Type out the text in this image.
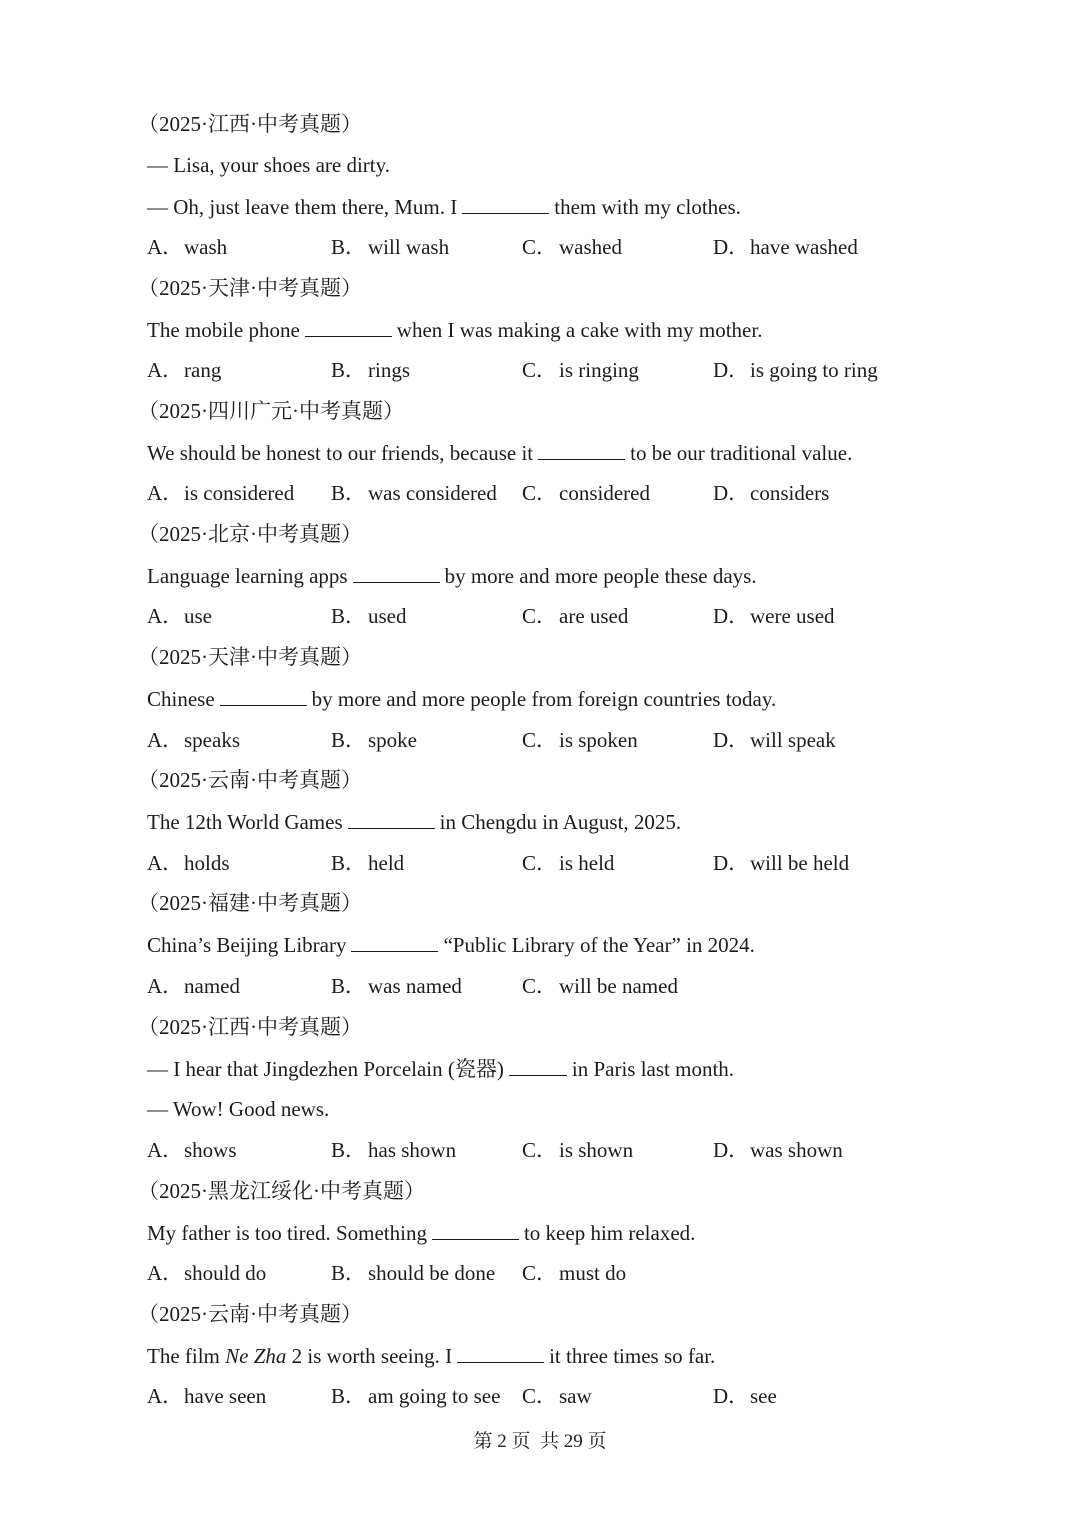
（2025·江西·中考真题）
— Lisa, your shoes are dirty.
— Oh, just leave them there, Mum. I	them with my clothes.
A．wash	B．will wash	C．washed	D．have washed
（2025·天津·中考真题）
The mobile phone	when I was making a cake with my mother.
A．rang	B．rings	C．is ringing	D．is going to ring
（2025·四川广元·中考真题）
We should be honest to our friends, because it	to be our traditional value.
A．is considered B．was considered C．considered	D．considers
（2025·北京·中考真题）
Language learning apps	by more and more people these days.
A．use	B．used	C．are used	D．were used
（2025·天津·中考真题）
Chinese	by more and more people from foreign countries today.
A．speaks	B．spoke	C．is spoken	D．will speak
（2025·云南·中考真题）
The 12th World Games	in Chengdu in August, 2025.
A．holds	B．held	C．is held	D．will be held
（2025·福建·中考真题）
China’s Beijing Library	“Public Library of the Year” in 2024.
A．named	B．was named	C．will be named
（2025·江西·中考真题）
— I hear that Jingdezhen Porcelain (瓷器)	in Paris last month.
— Wow! Good news.
A．shows	B．has shown	C．is shown	D．was shown
（2025·黑龙江绥化·中考真题）
My father is too tired. Something	to keep him relaxed.
A．should do	B．should be done C．must do
（2025·云南·中考真题）
The film Ne Zha 2 is worth seeing. I	it three times so far.
A．have seen	B．am going to see C．saw	D．see
第 2 页  共 29 页
